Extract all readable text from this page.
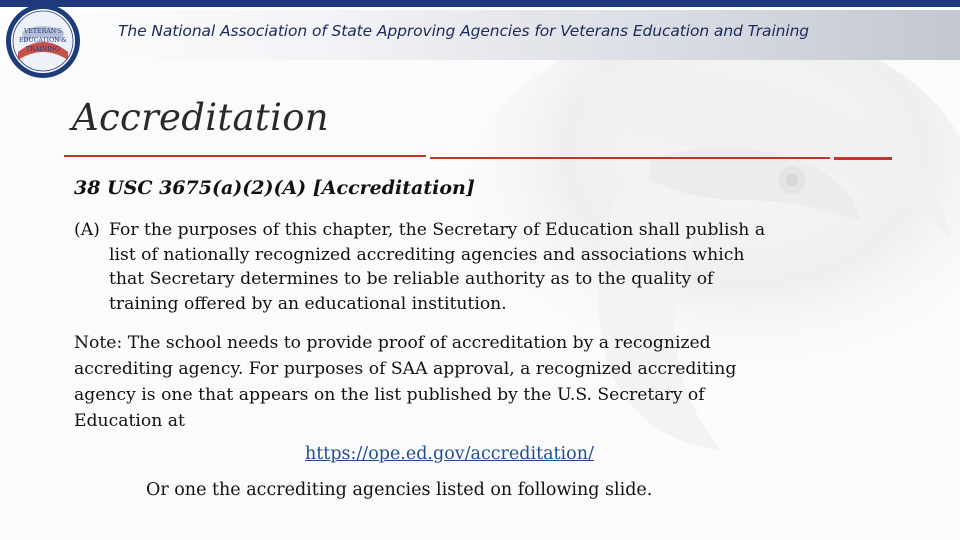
VETERAN'S
EDUCATION &
TRAINING
The National Association of State Approving Agencies for Veterans Education and Training
Accreditation
38 USC 3675(a)(2)(A) [Accreditation]
(A) For the purposes of this chapter, the Secretary of Education shall publish a
list of nationally recognized accrediting agencies and associations which
that Secretary determines to be reliable authority as to the quality of
training offered by an educational institution.
Note: The school needs to provide proof of accreditation by a recognized
accrediting agency. For purposes of SAA approval, a recognized accrediting
agency is one that appears on the list published by the U.S. Secretary of
Education at
https://ope.ed.gov/accreditation/
Or one the accrediting agencies listed on following slide.
